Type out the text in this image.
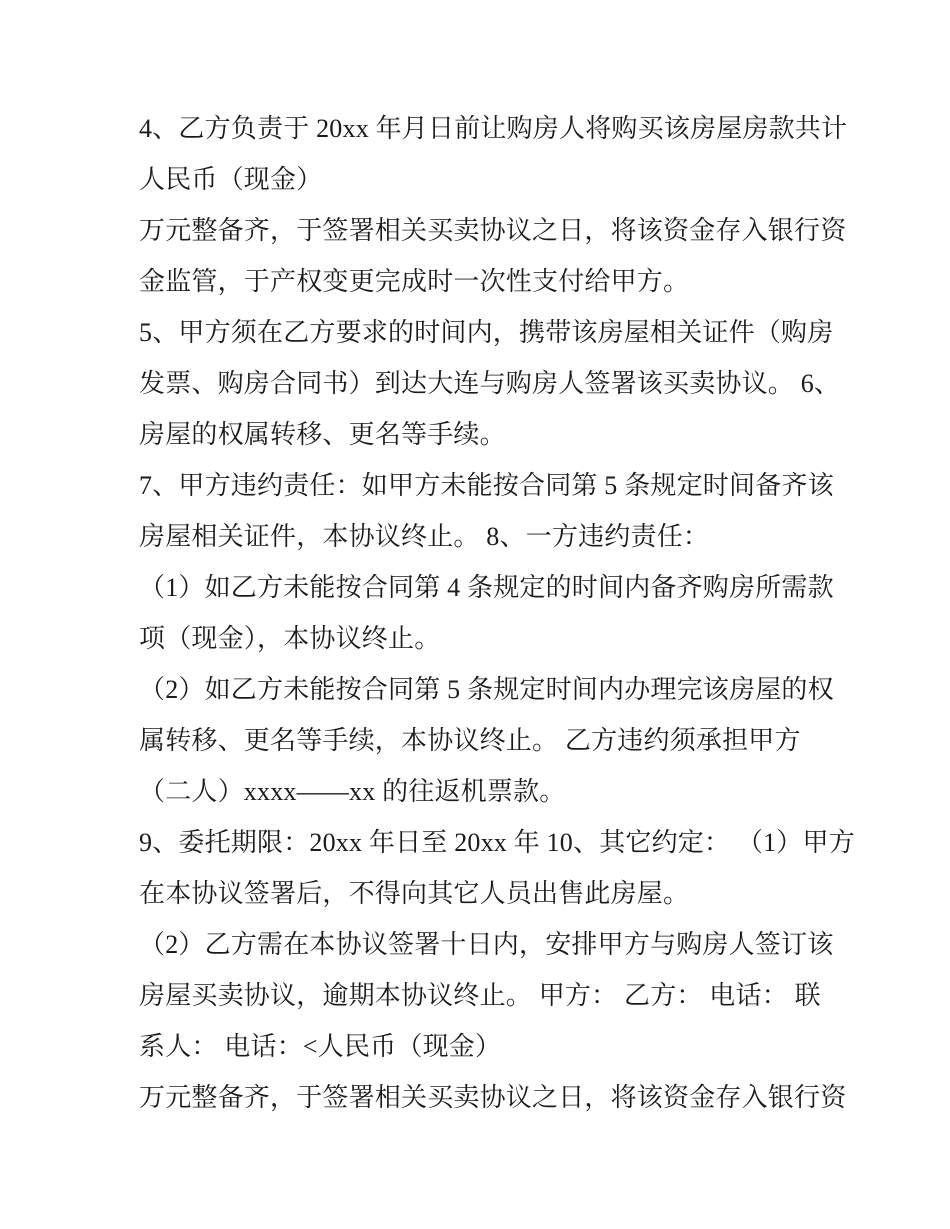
4、乙方负责于 20xx 年月日前让购房人将购买该房屋房款共计
人民币（现金）
万元整备齐，于签署相关买卖协议之日，将该资金存入银行资
金监管，于产权变更完成时一次性支付给甲方。
5、甲方须在乙方要求的时间内，携带该房屋相关证件（购房
发票、购房合同书）到达大连与购房人签署该买卖协议。 6、
房屋的权属转移、更名等手续。
7、甲方违约责任：如甲方未能按合同第 5 条规定时间备齐该
房屋相关证件，本协议终止。 8、一方违约责任：
（1）如乙方未能按合同第 4 条规定的时间内备齐购房所需款
项（现金），本协议终止。
（2）如乙方未能按合同第 5 条规定时间内办理完该房屋的权
属转移、更名等手续，本协议终止。 乙方违约须承担甲方
（二人）xxxx——xx 的往返机票款。
9、委托期限：20xx 年日至 20xx 年 10、其它约定： （1）甲方
在本协议签署后，不得向其它人员出售此房屋。
（2）乙方需在本协议签署十日内，安排甲方与购房人签订该
房屋买卖协议，逾期本协议终止。 甲方： 乙方： 电话： 联
系人： 电话：<人民币（现金）
万元整备齐，于签署相关买卖协议之日，将该资金存入银行资
